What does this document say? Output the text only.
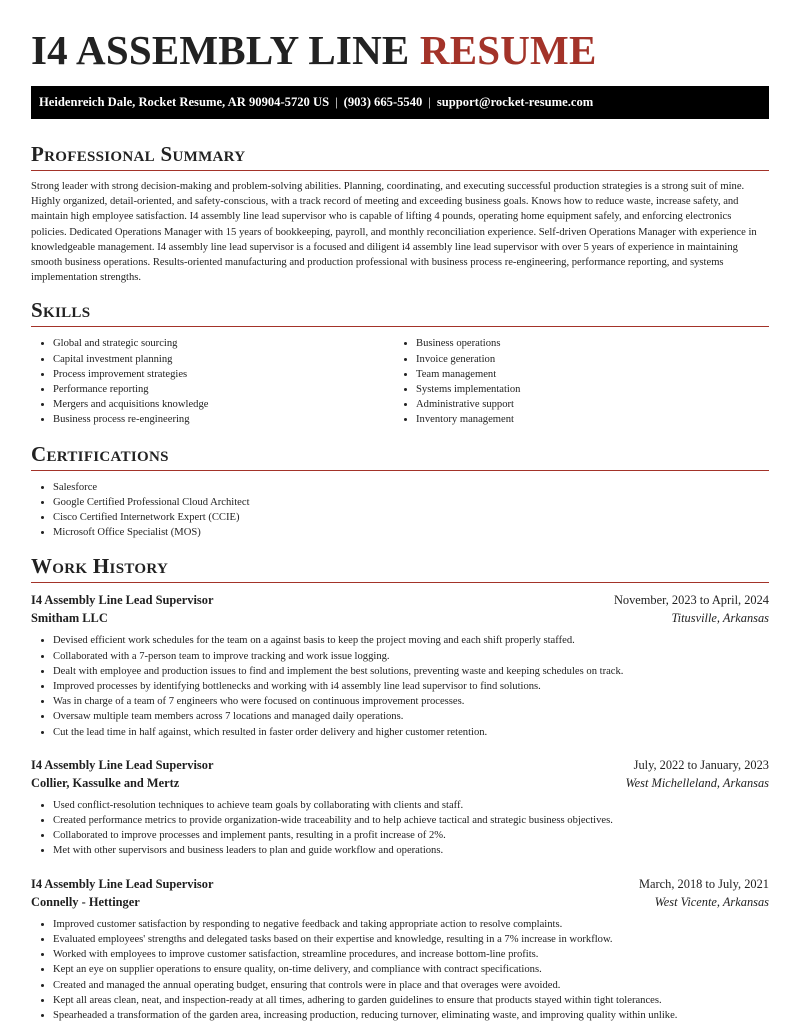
I4 ASSEMBLY LINE RESUME
Heidenreich Dale, Rocket Resume, AR 90904-5720 US | (903) 665-5540 | support@rocket-resume.com
Professional Summary

Strong leader with strong decision-making and problem-solving abilities. Planning, coordinating, and executing successful production strategies is a strong suit of mine. Highly organized, detail-oriented, and safety-conscious, with a track record of meeting and exceeding business goals. Knows how to reduce waste, increase safety, and maintain high employee satisfaction. I4 assembly line lead supervisor who is capable of lifting 4 pounds, operating home equipment safely, and enforcing electronics policies. Dedicated Operations Manager with 15 years of bookkeeping, payroll, and monthly reconciliation experience. Self-driven Operations Manager with experience in knowledgeable management. I4 assembly line lead supervisor is a focused and diligent i4 assembly line lead supervisor with over 5 years of experience in maintaining smooth business operations. Results-oriented manufacturing and production professional with business process re-engineering, performance reporting, and systems implementation strengths.

Skills
• Global and strategic sourcing
• Capital investment planning
• Process improvement strategies
• Performance reporting
• Mergers and acquisitions knowledge
• Business process re-engineering
• Business operations
• Invoice generation
• Team management
• Systems implementation
• Administrative support
• Inventory management
Certifications
• Salesforce
• Google Certified Professional Cloud Architect
• Cisco Certified Internetwork Expert (CCIE)
• Microsoft Office Specialist (MOS)
Work History
I4 Assembly Line Lead Supervisor	November, 2023 to April, 2024
Smitham LLC	Titusville, Arkansas
• Devised efficient work schedules for the team on a against basis to keep the project moving and each shift properly staffed.
• Collaborated with a 7-person team to improve tracking and work issue logging.
• Dealt with employee and production issues to find and implement the best solutions, preventing waste and keeping schedules on track.
• Improved processes by identifying bottlenecks and working with i4 assembly line lead supervisor to find solutions.
• Was in charge of a team of 7 engineers who were focused on continuous improvement processes.
• Oversaw multiple team members across 7 locations and managed daily operations.
• Cut the lead time in half against, which resulted in faster order delivery and higher customer retention.
I4 Assembly Line Lead Supervisor	July, 2022 to January, 2023
Collier, Kassulke and Mertz	West Michelleland, Arkansas
• Used conflict-resolution techniques to achieve team goals by collaborating with clients and staff.
• Created performance metrics to provide organization-wide traceability and to help achieve tactical and strategic business objectives.
• Collaborated to improve processes and implement pants, resulting in a profit increase of 2%.
• Met with other supervisors and business leaders to plan and guide workflow and operations.
I4 Assembly Line Lead Supervisor	March, 2018 to July, 2021
Connelly - Hettinger	West Vicente, Arkansas
• Improved customer satisfaction by responding to negative feedback and taking appropriate action to resolve complaints.
• Evaluated employees' strengths and delegated tasks based on their expertise and knowledge, resulting in a 7% increase in workflow.
• Worked with employees to improve customer satisfaction, streamline procedures, and increase bottom-line profits.
• Kept an eye on supplier operations to ensure quality, on-time delivery, and compliance with contract specifications.
• Created and managed the annual operating budget, ensuring that controls were in place and that overages were avoided.
• Kept all areas clean, neat, and inspection-ready at all times, adhering to garden guidelines to ensure that products stayed within tight tolerances.
• Spearheaded a transformation of the garden area, increasing production, reducing turnover, eliminating waste, and improving quality within unlike.
